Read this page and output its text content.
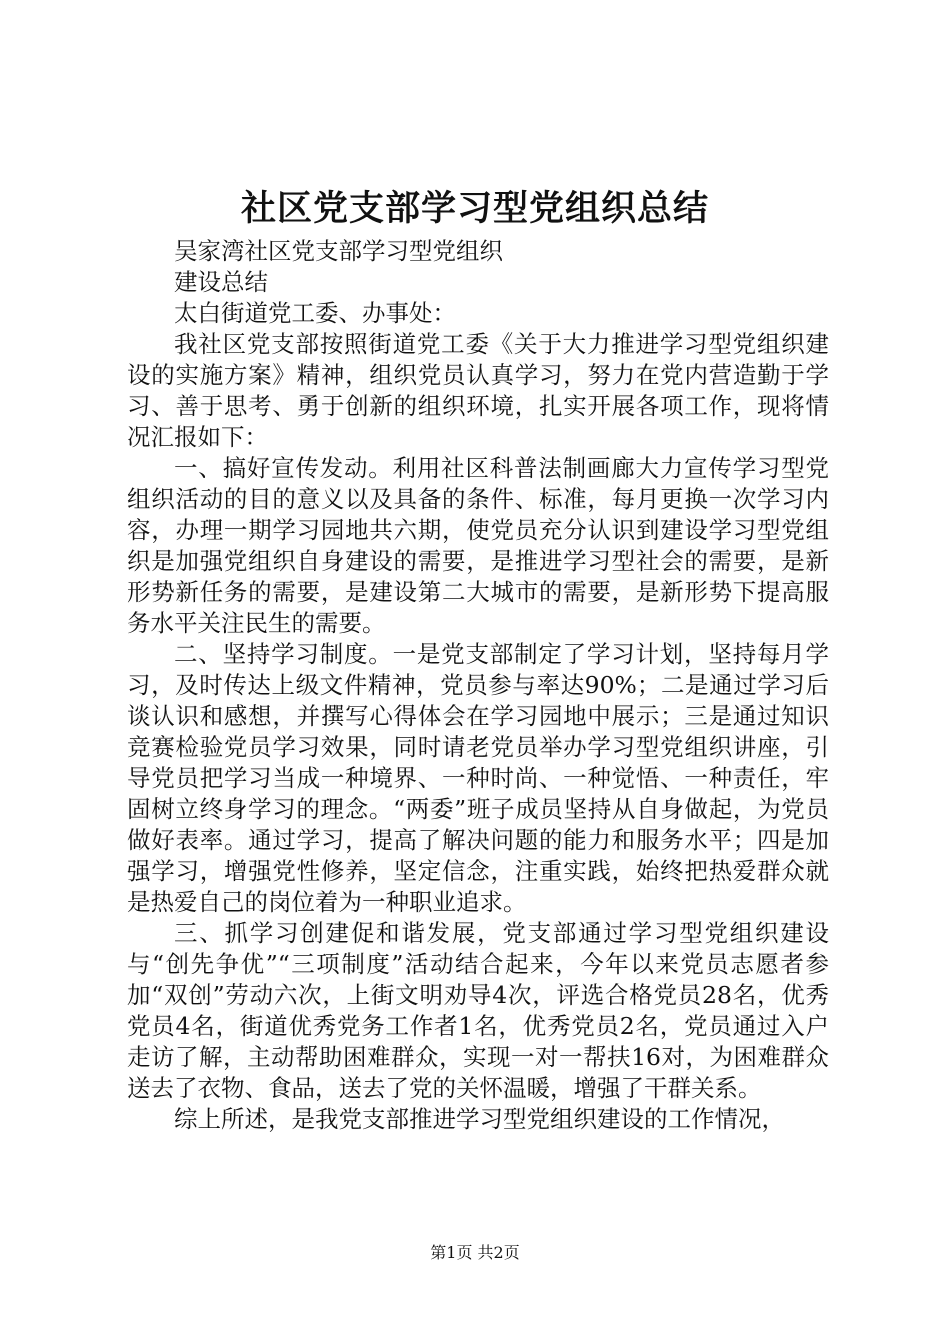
社区党支部学习型党组织总结

吴家湾社区党支部学习型党组织

建设总结

太白街道党工委、办事处：

我社区党支部按照街道党工委《关于大力推进学习型党组织建设的实施方案》精神，组织党员认真学习，努力在党内营造勤于学习、善于思考、勇于创新的组织环境，扎实开展各项工作，现将情况汇报如下：

一、搞好宣传发动。利用社区科普法制画廊大力宣传学习型党组织活动的目的意义以及具备的条件、标准，每月更换一次学习内容，办理一期学习园地共六期，使党员充分认识到建设学习型党组织是加强党组织自身建设的需要，是推进学习型社会的需要，是新形势新任务的需要，是建设第二大城市的需要，是新形势下提高服务水平关注民生的需要。

二、坚持学习制度。一是党支部制定了学习计划，坚持每月学习，及时传达上级文件精神，党员参与率达90%；二是通过学习后谈认识和感想，并撰写心得体会在学习园地中展示；三是通过知识竞赛检验党员学习效果，同时请老党员举办学习型党组织讲座，引导党员把学习当成一种境界、一种时尚、一种觉悟、一种责任，牢固树立终身学习的理念。“两委”班子成员坚持从自身做起，为党员做好表率。通过学习，提高了解决问题的能力和服务水平；四是加强学习，增强党性修养，坚定信念，注重实践，始终把热爱群众就是热爱自己的岗位着为一种职业追求。

三、抓学习创建促和谐发展，党支部通过学习型党组织建设与“创先争优”“三项制度”活动结合起来，今年以来党员志愿者参加“双创”劳动六次，上街文明劝导4次，评选合格党员28名，优秀党员4名，街道优秀党务工作者1名，优秀党员2名，党员通过入户走访了解，主动帮助困难群众，实现一对一帮扶16对，为困难群众送去了衣物、食品，送去了党的关怀温暖，增强了干群关系。

综上所述，是我党支部推进学习型党组织建设的工作情况，

第1页 共2页
